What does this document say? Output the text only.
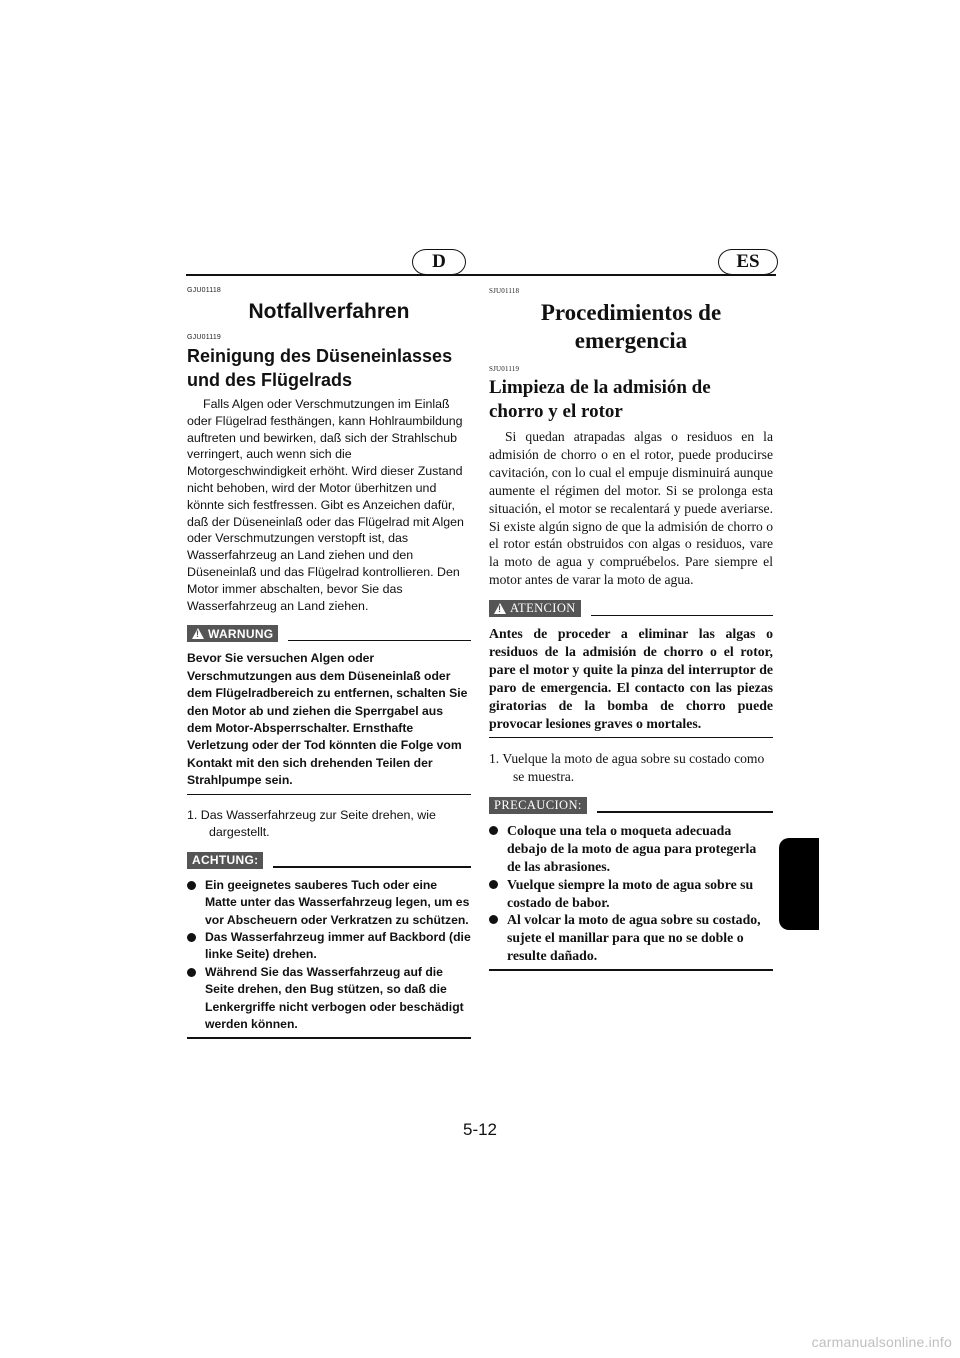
D	ES
GJU01118
Notfallverfahren
GJU01119
Reinigung des Düseneinlasses
und des Flügelrads

Falls Algen oder Verschmutzungen im Einlaß oder Flügelrad festhängen, kann Hohlraumbildung auftreten und bewirken, daß sich der Strahlschub verringert, auch wenn sich die Motorgeschwindigkeit erhöht. Wird dieser Zustand nicht behoben, wird der Motor überhitzen und könnte sich festfressen. Gibt es Anzeichen dafür, daß der Düseneinlaß oder das Flügelrad mit Algen oder Verschmutzungen verstopft ist, das Wasserfahrzeug an Land ziehen und den Düseneinlaß und das Flügelrad kontrollieren. Den Motor immer abschalten, bevor Sie das Wasserfahrzeug an Land ziehen.

!
WARNUNG

Bevor Sie versuchen Algen oder Verschmutzungen aus dem Düseneinlaß oder dem Flügelradbereich zu entfernen, schalten Sie den Motor ab und ziehen die Sperrgabel aus dem Motor-Absperrschalter. Ernsthafte Verletzung oder der Tod könnten die Folge vom Kontakt mit den sich drehenden Teilen der Strahlpumpe sein.

1. Das Wasserfahrzeug zur Seite drehen, wie dargestellt.

ACHTUNG:
Ein geeignetes sauberes Tuch oder eine Matte unter das Wasserfahrzeug legen, um es vor Abscheuern oder Verkratzen zu schützen.
Das Wasserfahrzeug immer auf Backbord (die linke Seite) drehen.
Während Sie das Wasserfahrzeug auf die Seite drehen, den Bug stützen, so daß die Lenkergriffe nicht verbogen oder beschädigt werden können.
SJU01118
Procedimientos de
emergencia
SJU01119
Limpieza de la admisión de
chorro y el rotor

Si quedan atrapadas algas o residuos en la admisión de chorro o en el rotor, puede producirse cavitación, con lo cual el empuje disminuirá aunque aumente el régimen del motor. Si se prolonga esta situación, el motor se recalentará y puede averiarse. Si existe algún signo de que la admisión de chorro o el rotor están obstruidos con algas o residuos, vare la moto de agua y compruébelos. Pare siempre el motor antes de varar la moto de agua.

!
ATENCION

Antes de proceder a eliminar las algas o residuos de la admisión de chorro o el rotor, pare el motor y quite la pinza del interruptor de paro de emergencia. El contacto con las piezas giratorias de la bomba de chorro puede provocar lesiones graves o mortales.

1. Vuelque la moto de agua sobre su costado como se muestra.

PRECAUCION:
Coloque una tela o moqueta adecuada debajo de la moto de agua para protegerla de las abrasiones.
Vuelque siempre la moto de agua sobre su costado de babor.
Al volcar la moto de agua sobre su costado, sujete el manillar para que no se doble o resulte dañado.
5-12
carmanualsonline.info
